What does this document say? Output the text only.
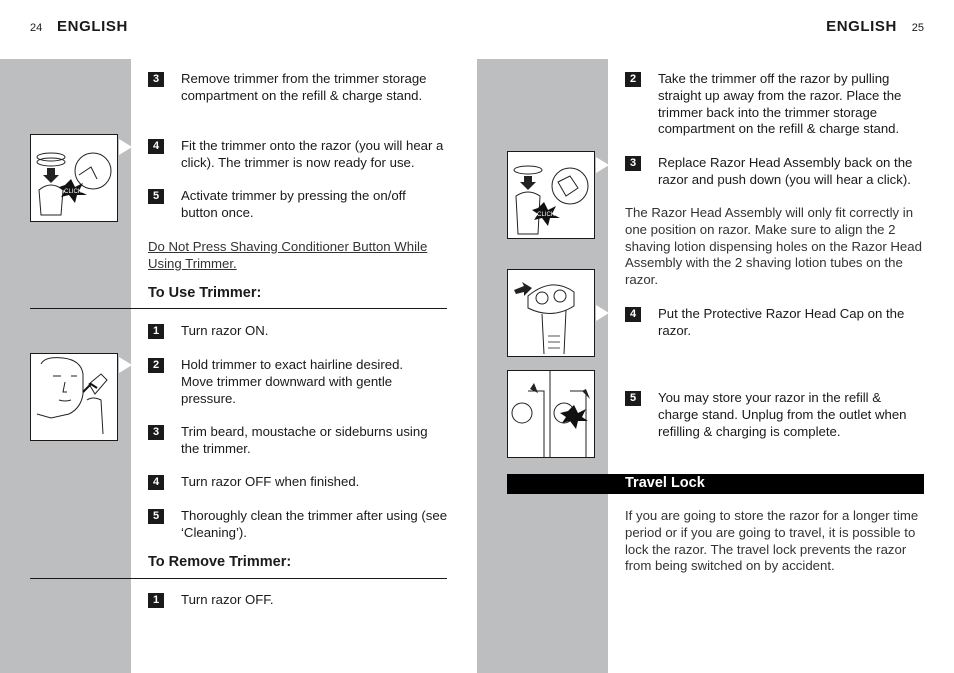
24 ENGLISH
CLICK
3	Remove trimmer from the trimmer storage compartment on the refill & charge stand.
4	Fit the trimmer onto the razor (you will hear a click). The trimmer is now ready for use.
5	Activate trimmer by pressing the on/off button once.
Do Not Press Shaving Conditioner Button While Using Trimmer.
To Use Trimmer:
1	Turn razor ON.
2	Hold trimmer to exact hairline desired. Move trimmer downward with gentle pressure.
3	Trim beard, moustache or sideburns using the trimmer.
4	Turn razor OFF when finished.
5	Thoroughly clean the trimmer after using (see ‘Cleaning’).
To Remove Trimmer:
1	Turn razor OFF.
ENGLISH 25
CLICK
2	Take the trimmer off the razor by pulling straight up away from the razor. Place the trimmer back into the trimmer storage compartment on the refill & charge stand.
3	Replace Razor Head Assembly back on the razor and push down (you will hear a click).
The Razor Head Assembly will only fit correctly in one position on razor. Make sure to align the 2 shaving lotion dispensing holes on the Razor Head Assembly with the 2 shaving lotion tubes on the razor.
4	Put the Protective Razor Head Cap on the razor.
5	You may store your razor in the refill & charge stand. Unplug from the outlet when refilling & charging is complete.
Travel Lock
If you are going to store the razor for a longer time period or if you are going to travel, it is possible to lock the razor. The travel lock prevents the razor from being switched on by accident.
